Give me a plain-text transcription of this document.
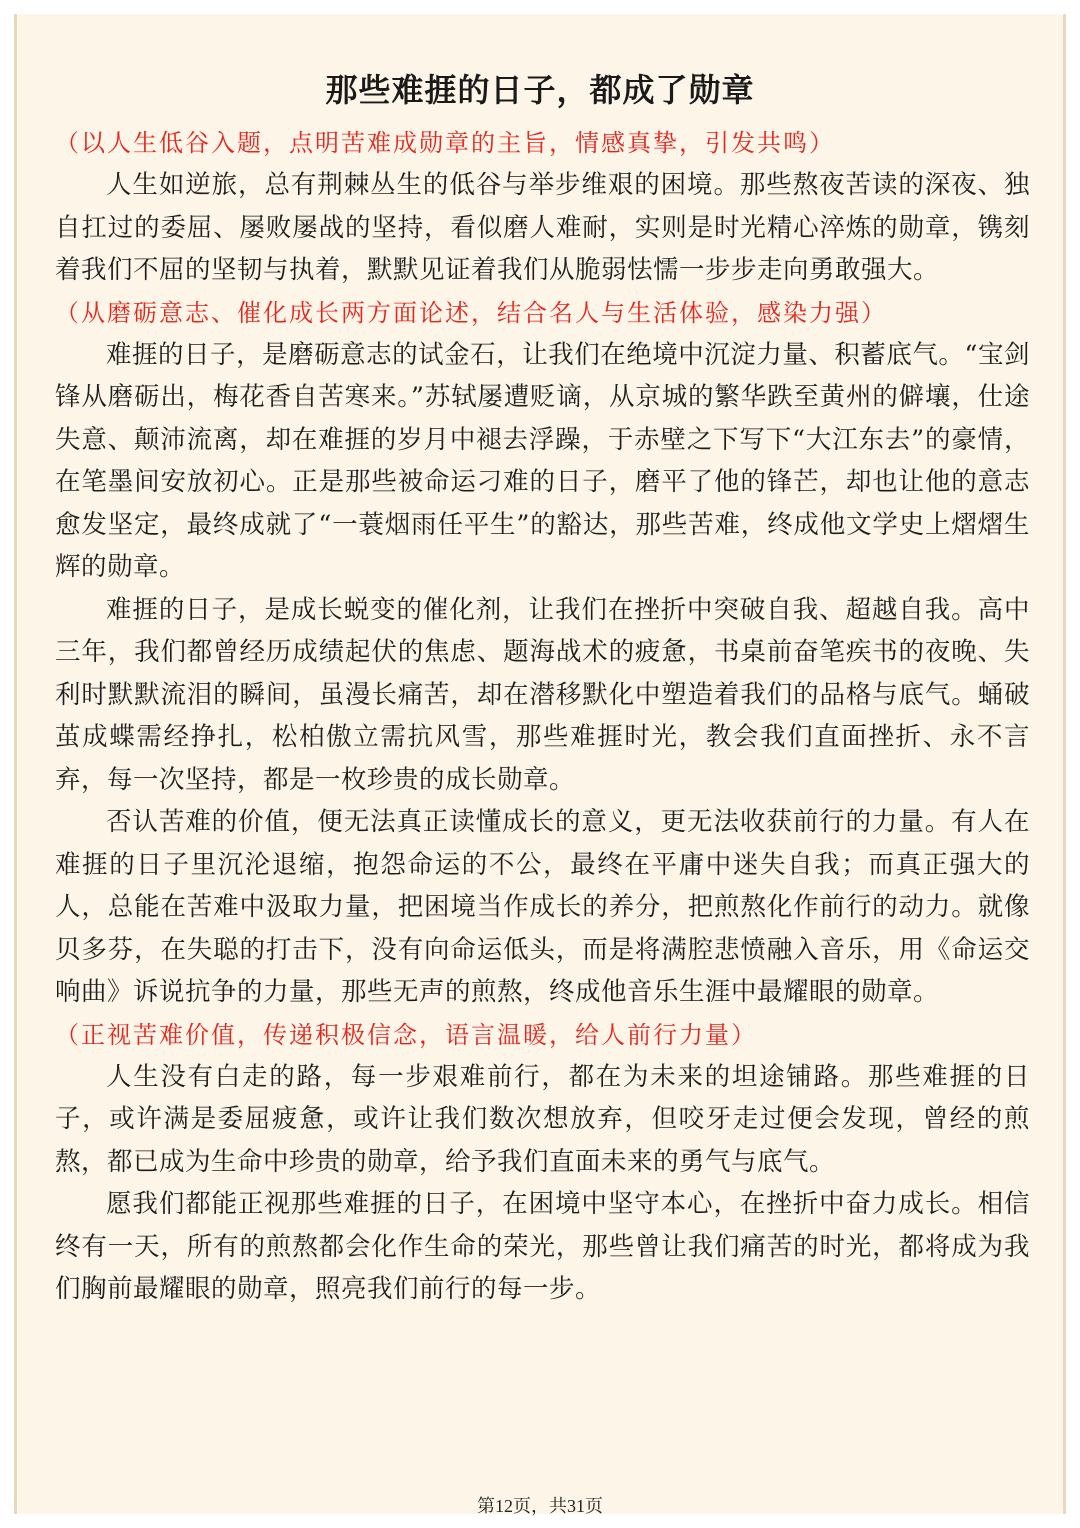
那些难捱的日子，都成了勋章

（以人生低谷入题，点明苦难成勋章的主旨，情感真挚，引发共鸣）

人生如逆旅，总有荆棘丛生的低谷与举步维艰的困境。那些熬夜苦读的深夜、独自扛过的委屈、屡败屡战的坚持，看似磨人难耐，实则是时光精心淬炼的勋章，镌刻着我们不屈的坚韧与执着，默默见证着我们从脆弱怯懦一步步走向勇敢强大。

（从磨砺意志、催化成长两方面论述，结合名人与生活体验，感染力强）

难捱的日子，是磨砺意志的试金石，让我们在绝境中沉淀力量、积蓄底气。“宝剑锋从磨砺出，梅花香自苦寒来。”苏轼屡遭贬谪，从京城的繁华跌至黄州的僻壤，仕途失意、颠沛流离，却在难捱的岁月中褪去浮躁，于赤壁之下写下“大江东去”的豪情，在笔墨间安放初心。正是那些被命运刁难的日子，磨平了他的锋芒，却也让他的意志愈发坚定，最终成就了“一蓑烟雨任平生”的豁达，那些苦难，终成他文学史上熠熠生辉的勋章。

难捱的日子，是成长蜕变的催化剂，让我们在挫折中突破自我、超越自我。高中三年，我们都曾经历成绩起伏的焦虑、题海战术的疲惫，书桌前奋笔疾书的夜晚、失利时默默流泪的瞬间，虽漫长痛苦，却在潜移默化中塑造着我们的品格与底气。蛹破茧成蝶需经挣扎，松柏傲立需抗风雪，那些难捱时光，教会我们直面挫折、永不言弃，每一次坚持，都是一枚珍贵的成长勋章。

否认苦难的价值，便无法真正读懂成长的意义，更无法收获前行的力量。有人在难捱的日子里沉沦退缩，抱怨命运的不公，最终在平庸中迷失自我；而真正强大的人，总能在苦难中汲取力量，把困境当作成长的养分，把煎熬化作前行的动力。就像贝多芬，在失聪的打击下，没有向命运低头，而是将满腔悲愤融入音乐，用《命运交响曲》诉说抗争的力量，那些无声的煎熬，终成他音乐生涯中最耀眼的勋章。

（正视苦难价值，传递积极信念，语言温暖，给人前行力量）

人生没有白走的路，每一步艰难前行，都在为未来的坦途铺路。那些难捱的日子，或许满是委屈疲惫，或许让我们数次想放弃，但咬牙走过便会发现，曾经的煎熬，都已成为生命中珍贵的勋章，给予我们直面未来的勇气与底气。

愿我们都能正视那些难捱的日子，在困境中坚守本心，在挫折中奋力成长。相信终有一天，所有的煎熬都会化作生命的荣光，那些曾让我们痛苦的时光，都将成为我们胸前最耀眼的勋章，照亮我们前行的每一步。

第12页，共31页
